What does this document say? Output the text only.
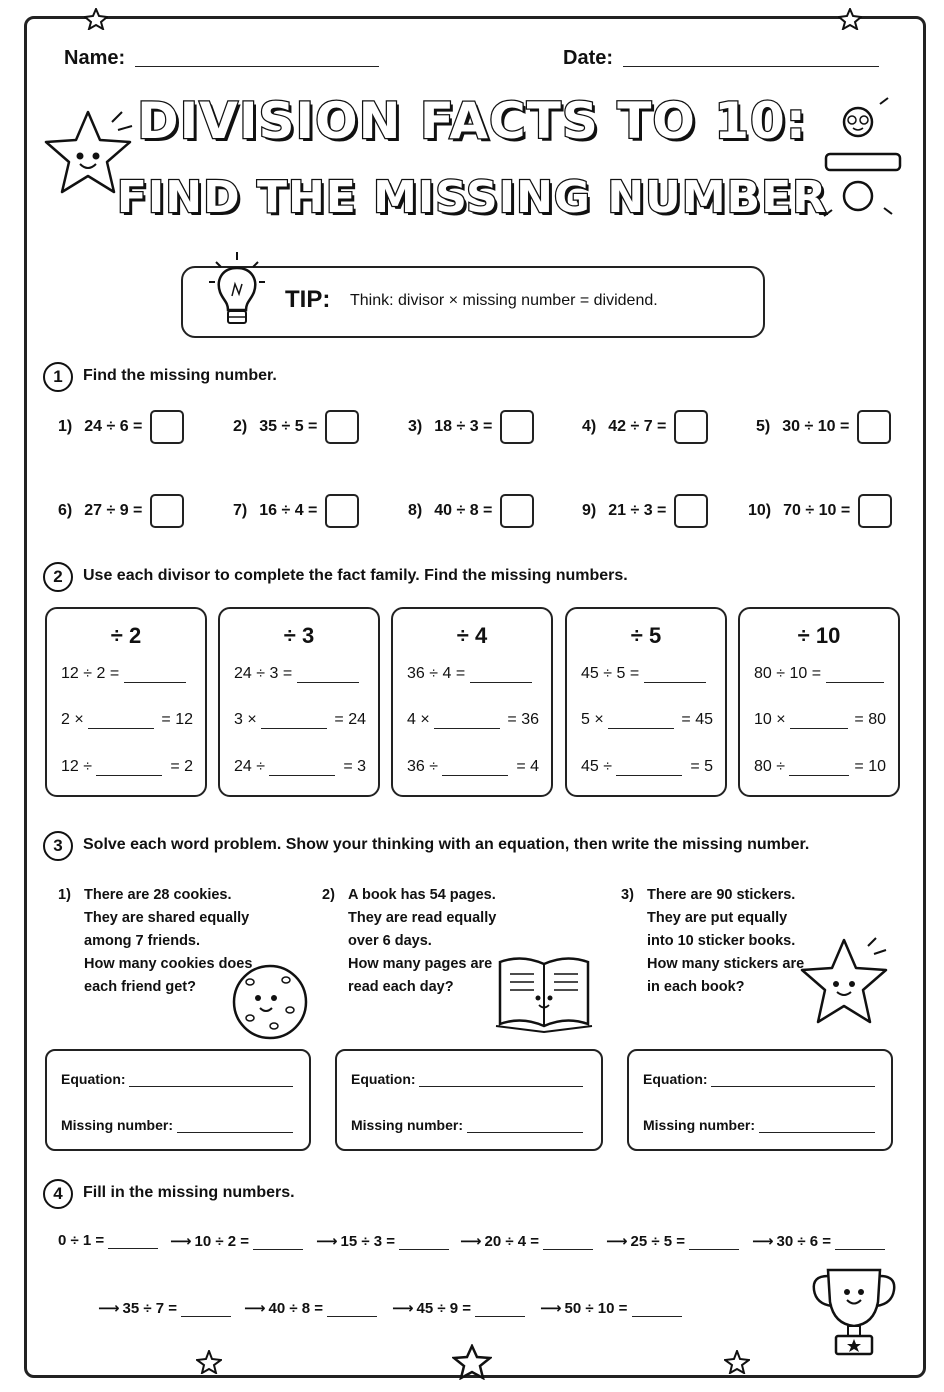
Name:	Date:
DIVISION FACTS TO 10:
FIND THE MISSING NUMBER
TIP: Think: divisor × missing number = dividend.
1	Find the missing number.
1) 24 ÷ 6 =	2) 35 ÷ 5 =	3) 18 ÷ 3 =	4) 42 ÷ 7 =	5) 30 ÷ 10 =
6) 27 ÷ 9 =	7) 16 ÷ 4 =	8) 40 ÷ 8 =	9) 21 ÷ 3 =	10) 70 ÷ 10 =
2	Use each divisor to complete the fact family. Find the missing numbers.
÷ 2
12 ÷ 2 =

2 ×
	= 12
12 ÷
	= 2
÷ 3
24 ÷ 3 =

3 ×
	= 24
24 ÷
	= 3
÷ 4
36 ÷ 4 =

4 ×
	= 36
36 ÷
	= 4
÷ 5
45 ÷ 5 =

5 ×
	= 45
45 ÷
	= 5
÷ 10
80 ÷ 10 =

10 ×
	= 80
80 ÷
	= 10
3	Solve each word problem. Show your thinking with an equation, then write the missing number.
1) There are 28 cookies.
They are shared equally
among 7 friends.
How many cookies does
each friend get?
2) A book has 54 pages.
They are read equally
over 6 days.
How many pages are
read each day?
3) There are 90 stickers.
They are put equally
into 10 sticker books.
How many stickers are
in each book?
Equation:

Missing number:

Equation:

Missing number:

Equation:

Missing number:

4	Fill in the missing numbers.
0 ÷ 1 =
	⟶ 10 ÷ 2 =
	⟶ 15 ÷ 3 =
	⟶ 20 ÷ 4 =
	⟶ 25 ÷ 5 =
	⟶ 30 ÷ 6 =

⟶ 35 ÷ 7 =
	⟶ 40 ÷ 8 =
	⟶ 45 ÷ 9 =
	⟶ 50 ÷ 10 =
